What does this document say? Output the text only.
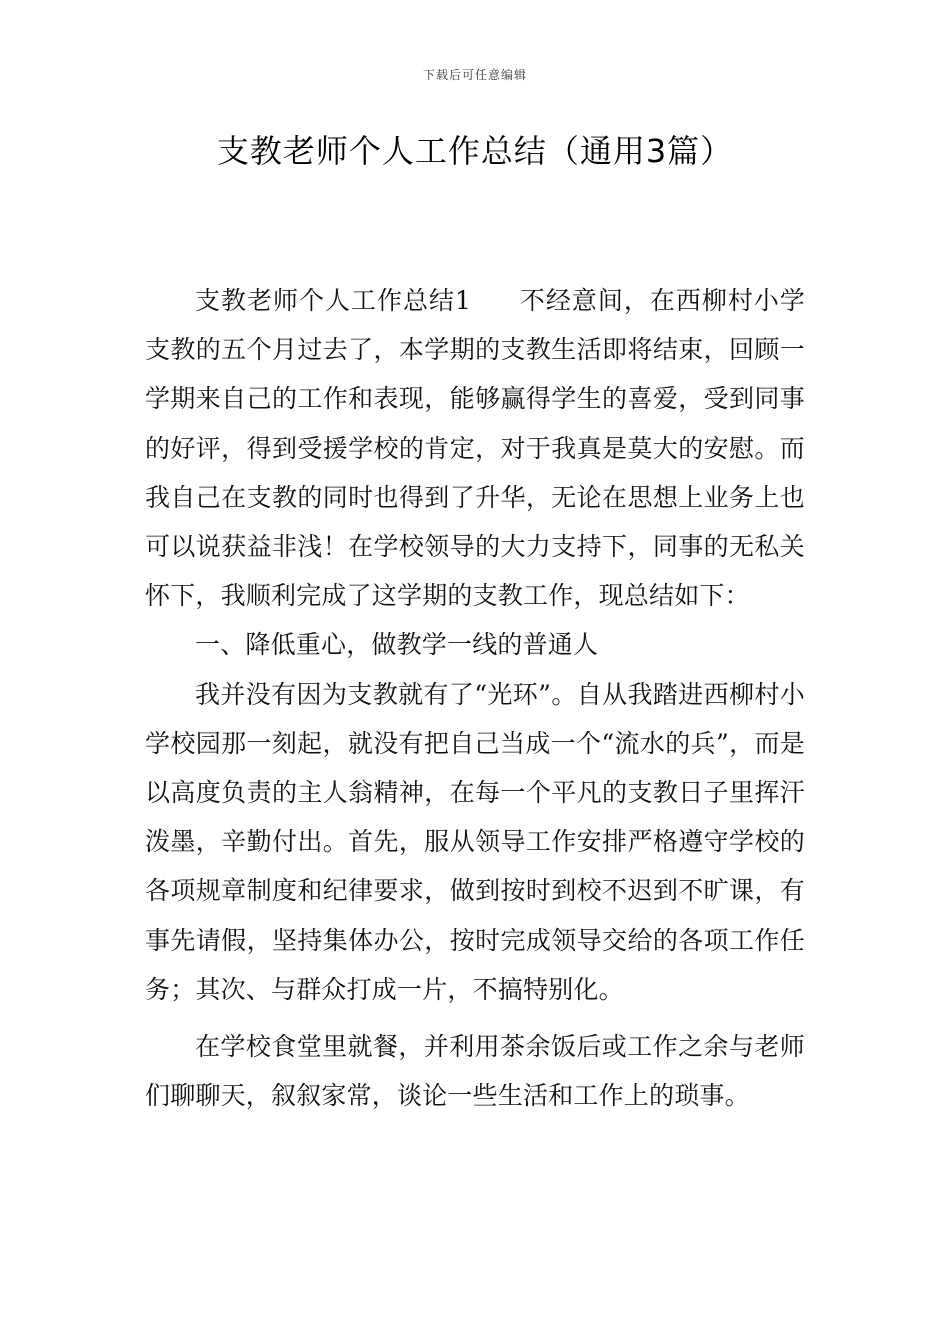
下载后可任意编辑
支教老师个人工作总结（通用3篇）

支教老师个人工作总结1 不经意间，在西柳村小学支教的五个月过去了，本学期的支教生活即将结束，回顾一学期来自己的工作和表现，能够赢得学生的喜爱，受到同事的好评，得到受援学校的肯定，对于我真是莫大的安慰。而我自己在支教的同时也得到了升华，无论在思想上业务上也可以说获益非浅！在学校领导的大力支持下，同事的无私关怀下，我顺利完成了这学期的支教工作，现总结如下：

一、降低重心，做教学一线的普通人

我并没有因为支教就有了“光环”。自从我踏进西柳村小学校园那一刻起，就没有把自己当成一个“流水的兵”，而是以高度负责的主人翁精神，在每一个平凡的支教日子里挥汗泼墨，辛勤付出。首先，服从领导工作安排严格遵守学校的各项规章制度和纪律要求，做到按时到校不迟到不旷课，有事先请假，坚持集体办公，按时完成领导交给的各项工作任务；其次、与群众打成一片，不搞特别化。

在学校食堂里就餐，并利用茶余饭后或工作之余与老师们聊聊天，叙叙家常，谈论一些生活和工作上的琐事。
